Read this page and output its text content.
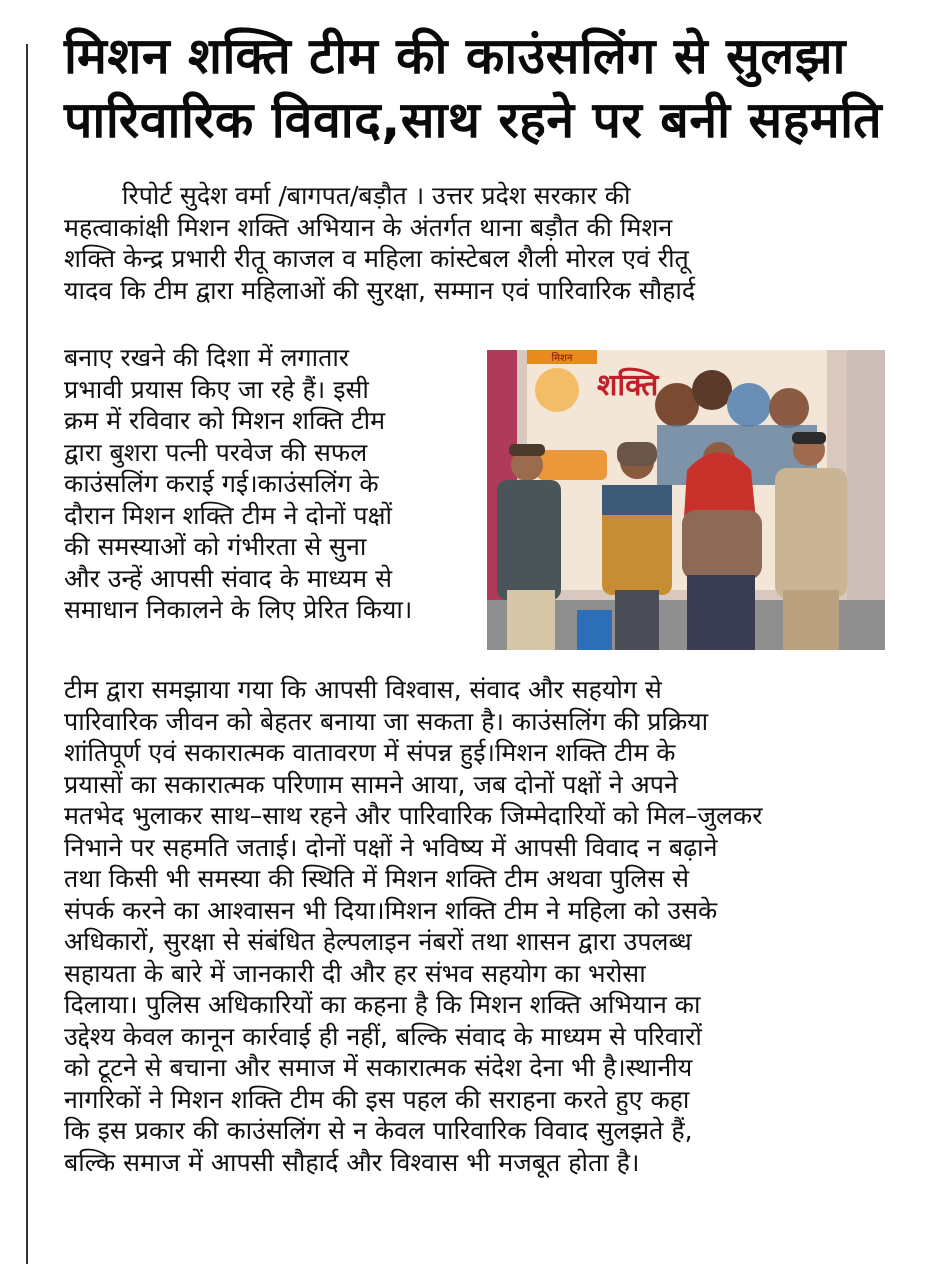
मिशन शक्ति टीम की काउंसलिंग से सुलझा
पारिवारिक विवाद,साथ रहने पर बनी सहमति
रिपोर्ट सुदेश वर्मा /बागपत/बड़ौत । उत्तर प्रदेश सरकार की
महत्वाकांक्षी मिशन शक्ति अभियान के अंतर्गत थाना बड़ौत की मिशन
शक्ति केन्द्र प्रभारी रीतू काजल व महिला कांस्टेबल शैली मोरल एवं रीतू
यादव कि टीम द्वारा महिलाओं की सुरक्षा, सम्मान एवं पारिवारिक सौहार्द
बनाए रखने की दिशा में लगातार
प्रभावी प्रयास किए जा रहे हैं। इसी
क्रम में रविवार को मिशन शक्ति टीम
द्वारा बुशरा पत्नी परवेज की सफल
काउंसलिंग कराई गई।काउंसलिंग के
दौरान मिशन शक्ति टीम ने दोनों पक्षों
की समस्याओं को गंभीरता से सुना
और उन्हें आपसी संवाद के माध्यम से
समाधान निकालने के लिए प्रेरित किया।
मिशन
शक्ति
टीम द्वारा समझाया गया कि आपसी विश्वास, संवाद और सहयोग से
पारिवारिक जीवन को बेहतर बनाया जा सकता है। काउंसलिंग की प्रक्रिया
शांतिपूर्ण एवं सकारात्मक वातावरण में संपन्न हुई।मिशन शक्ति टीम के
प्रयासों का सकारात्मक परिणाम सामने आया, जब दोनों पक्षों ने अपने
मतभेद भुलाकर साथ–साथ रहने और पारिवारिक जिम्मेदारियों को मिल–जुलकर
निभाने पर सहमति जताई। दोनों पक्षों ने भविष्य में आपसी विवाद न बढ़ाने
तथा किसी भी समस्या की स्थिति में मिशन शक्ति टीम अथवा पुलिस से
संपर्क करने का आश्वासन भी दिया।मिशन शक्ति टीम ने महिला को उसके
अधिकारों, सुरक्षा से संबंधित हेल्पलाइन नंबरों तथा शासन द्वारा उपलब्ध
सहायता के बारे में जानकारी दी और हर संभव सहयोग का भरोसा
दिलाया। पुलिस अधिकारियों का कहना है कि मिशन शक्ति अभियान का
उद्देश्य केवल कानून कार्रवाई ही नहीं, बल्कि संवाद के माध्यम से परिवारों
को टूटने से बचाना और समाज में सकारात्मक संदेश देना भी है।स्थानीय
नागरिकों ने मिशन शक्ति टीम की इस पहल की सराहना करते हुए कहा
कि इस प्रकार की काउंसलिंग से न केवल पारिवारिक विवाद सुलझते हैं,
बल्कि समाज में आपसी सौहार्द और विश्वास भी मजबूत होता है।
